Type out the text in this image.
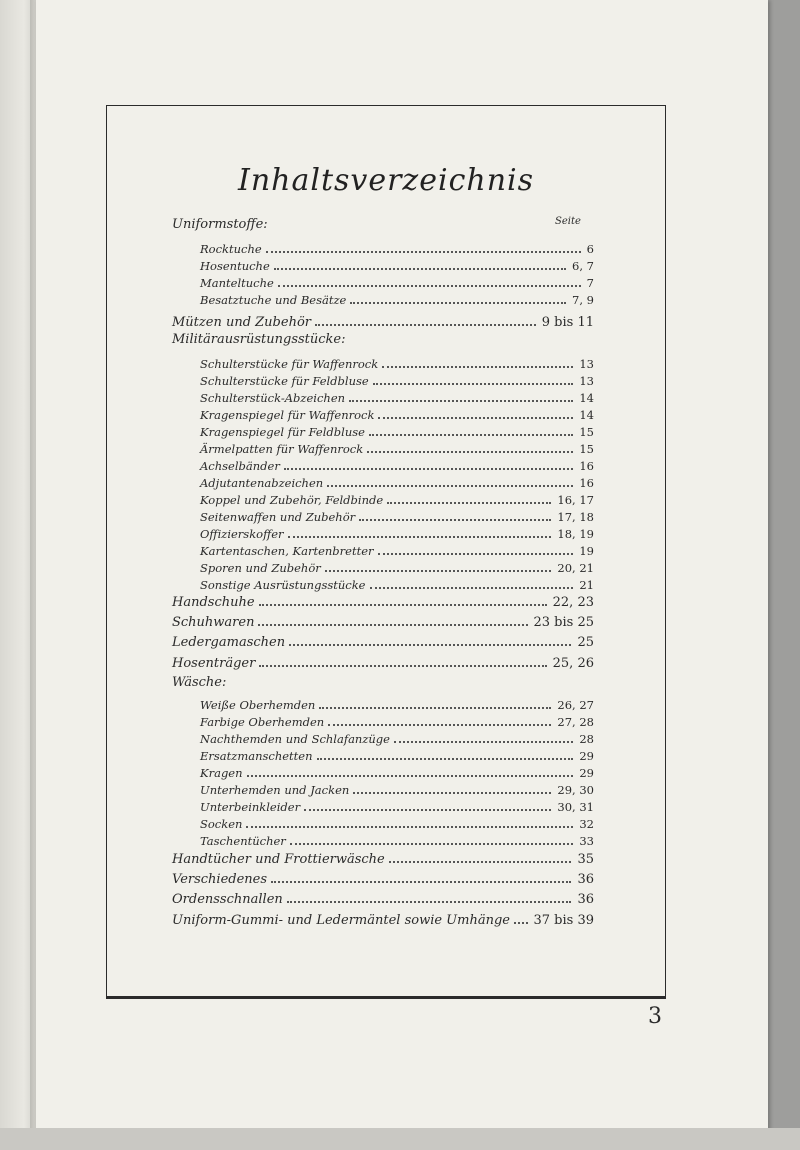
Inhaltsverzeichnis
Seite
Uniformstoffe:
Rocktuche	6
Hosentuche	6, 7
Manteltuche	7
Besatztuche und Besätze	7, 9
Mützen und Zubehör	9 bis 11
Militärausrüstungsstücke:
Schulterstücke für Waffenrock	13
Schulterstücke für Feldbluse	13
Schulterstück-Abzeichen	14
Kragenspiegel für Waffenrock	14
Kragenspiegel für Feldbluse	15
Ärmelpatten für Waffenrock	15
Achselbänder	16
Adjutantenabzeichen	16
Koppel und Zubehör, Feldbinde	16, 17
Seitenwaffen und Zubehör	17, 18
Offizierskoffer	18, 19
Kartentaschen, Kartenbretter	19
Sporen und Zubehör	20, 21
Sonstige Ausrüstungsstücke	21
Handschuhe	22, 23
Schuhwaren	23 bis 25
Ledergamaschen	25
Hosenträger	25, 26
Wäsche:
Weiße Oberhemden	26, 27
Farbige Oberhemden	27, 28
Nachthemden und Schlafanzüge	28
Ersatzmanschetten	29
Kragen	29
Unterhemden und Jacken	29, 30
Unterbeinkleider	30, 31
Socken	32
Taschentücher	33
Handtücher und Frottierwäsche	35
Verschiedenes	36
Ordensschnallen	36
Uniform-Gummi- und Ledermäntel sowie Umhänge	37 bis 39
3
